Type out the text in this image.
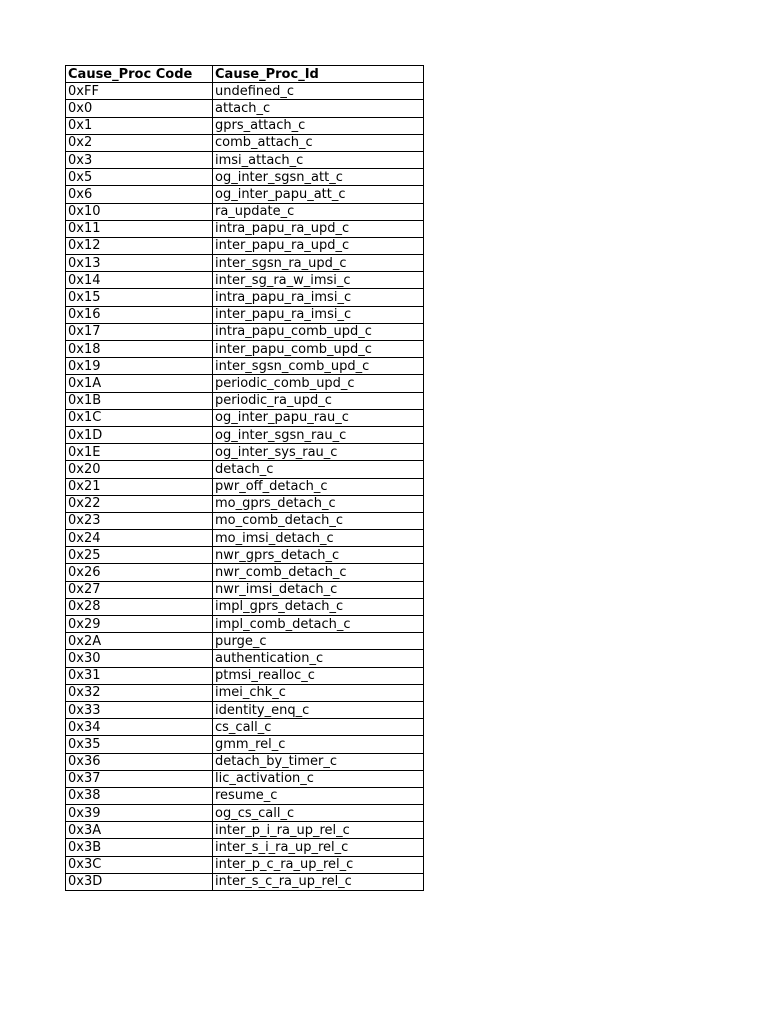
Cause_Proc Code	Cause_Proc_Id
0xFF	undefined_c
0x0	attach_c
0x1	gprs_attach_c
0x2	comb_attach_c
0x3	imsi_attach_c
0x5	og_inter_sgsn_att_c
0x6	og_inter_papu_att_c
0x10	ra_update_c
0x11	intra_papu_ra_upd_c
0x12	inter_papu_ra_upd_c
0x13	inter_sgsn_ra_upd_c
0x14	inter_sg_ra_w_imsi_c
0x15	intra_papu_ra_imsi_c
0x16	inter_papu_ra_imsi_c
0x17	intra_papu_comb_upd_c
0x18	inter_papu_comb_upd_c
0x19	inter_sgsn_comb_upd_c
0x1A	periodic_comb_upd_c
0x1B	periodic_ra_upd_c
0x1C	og_inter_papu_rau_c
0x1D	og_inter_sgsn_rau_c
0x1E	og_inter_sys_rau_c
0x20	detach_c
0x21	pwr_off_detach_c
0x22	mo_gprs_detach_c
0x23	mo_comb_detach_c
0x24	mo_imsi_detach_c
0x25	nwr_gprs_detach_c
0x26	nwr_comb_detach_c
0x27	nwr_imsi_detach_c
0x28	impl_gprs_detach_c
0x29	impl_comb_detach_c
0x2A	purge_c
0x30	authentication_c
0x31	ptmsi_realloc_c
0x32	imei_chk_c
0x33	identity_enq_c
0x34	cs_call_c
0x35	gmm_rel_c
0x36	detach_by_timer_c
0x37	lic_activation_c
0x38	resume_c
0x39	og_cs_call_c
0x3A	inter_p_i_ra_up_rel_c
0x3B	inter_s_i_ra_up_rel_c
0x3C	inter_p_c_ra_up_rel_c
0x3D	inter_s_c_ra_up_rel_c
